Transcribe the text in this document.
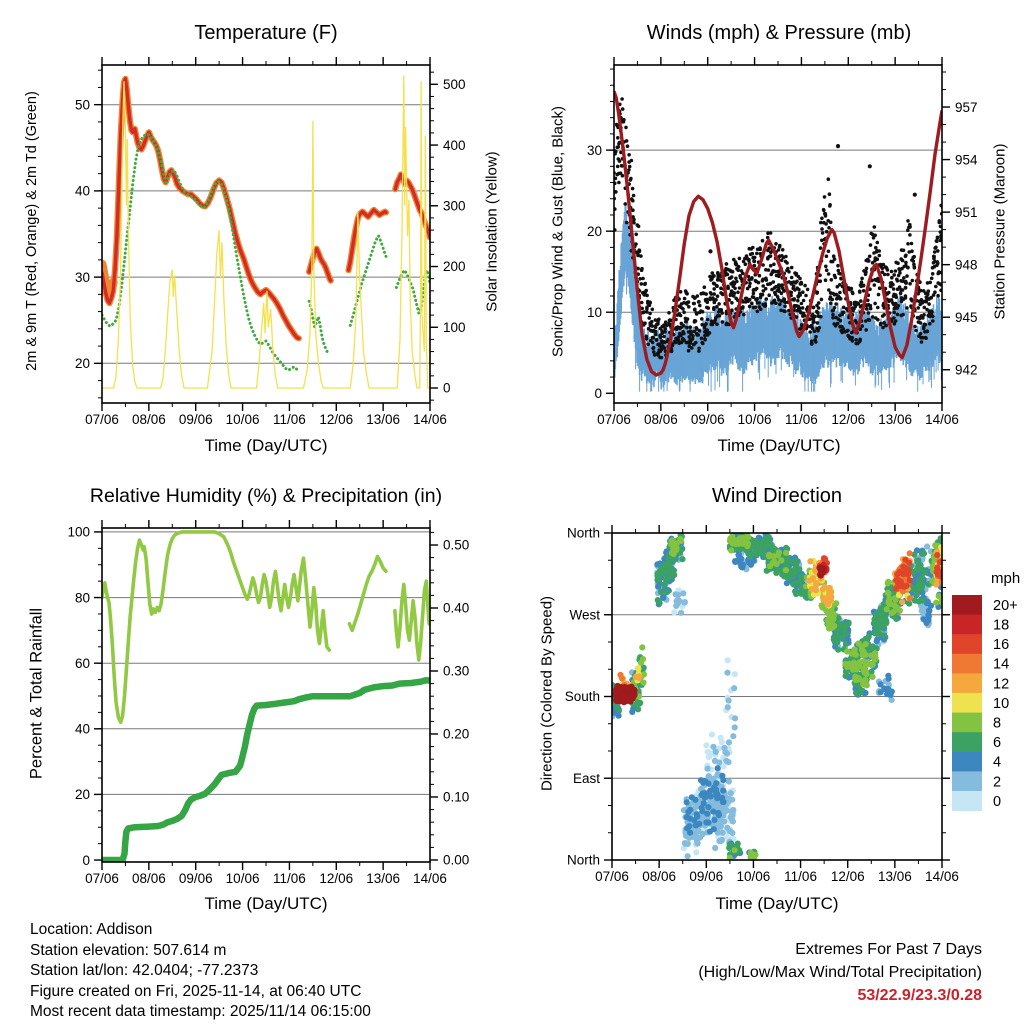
07/06 08/06 09/06 10/06 11/06 12/06 13/06 14/06
20
30
40
50
0
100
200
300
400
500
07/06 08/06 09/06 10/06 11/06 12/06 13/06 14/06
0
10
20
30
942
945
948
951
954
957
07/06 08/06 09/06 10/06 11/06 12/06 13/06 14/06
0
20
40
60
80
100
0.00
0.10
0.20
0.30
0.40
0.50
07/06 08/06 09/06 10/06 11/06 12/06 13/06 14/06
North
West
South
East
North
20+
18
16
14
12
10
8
6
4
2
0
Temperature (F)	Winds (mph) & Pressure (mb)
Relative Humidity (%) & Precipitation (in)	Wind Direction
2m & 9m T (Red, Orange) & 2m Td (Green)	Solar Insolation (Yellow)	Sonic/Prop Wind & Gust (Blue, Black)	Station Pressure (Maroon)
Percent & Total Rainfall	Direction (Colored By Speed)
Time (Day/UTC)	Time (Day/UTC)
Time (Day/UTC)	Time (Day/UTC)
mph
Location: Addison
Station elevation: 507.614 m
Station lat/lon: 42.0404; -77.2373
Figure created on Fri, 2025-11-14, at 06:40 UTC
Most recent data timestamp: 2025/11/14 06:15:00
Extremes For Past 7 Days
(High/Low/Max Wind/Total Precipitation)
53/22.9/23.3/0.28
